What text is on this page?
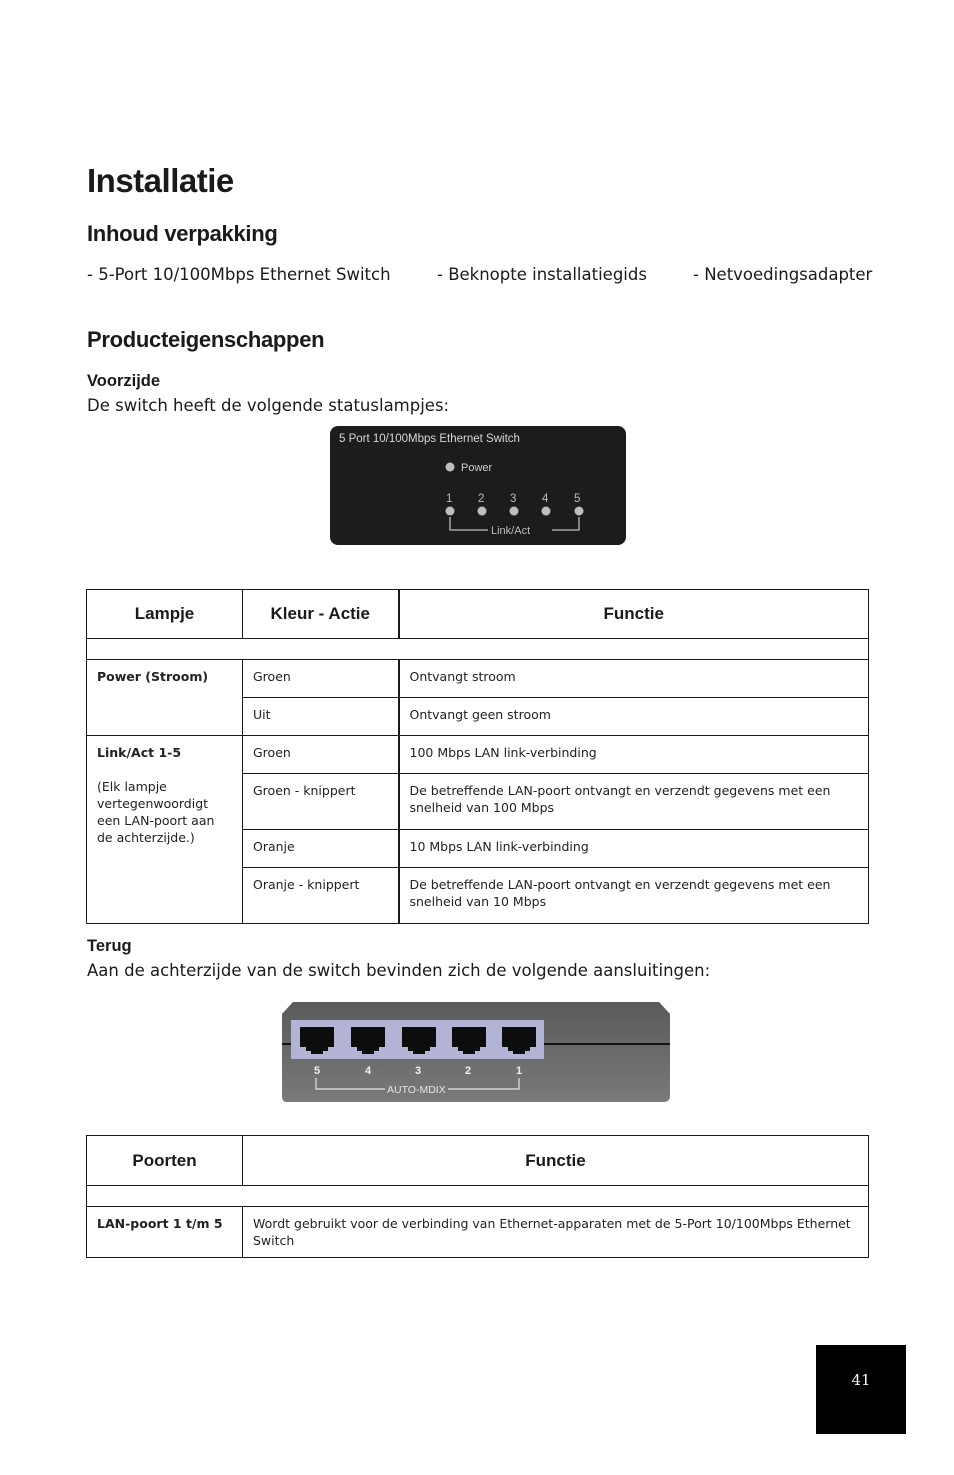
Installatie
Inhoud verpakking
- 5-Port 10/100Mbps Ethernet Switch	- Beknopte installatiegids	- Netvoedingsadapter
Producteigenschappen
Voorzijde
De switch heeft de volgende statuslampjes:
5 Port 10/100Mbps Ethernet Switch
Power
1 2 3 4 5
Link/Act
Lampje	Kleur - Actie	Functie

Power (Stroom)	Groen	Ontvangt stroom
	Uit	Ontvangt geen stroom

Link/Act 1-5
(Elk lampje vertegenwoordigt een LAN-poort aan de achterzijde.)	Groen	100 Mbps LAN link-verbinding
	Groen - knippert	De betreffende LAN-poort ontvangt en verzendt gegevens met een snelheid van 100 Mbps
	Oranje	10 Mbps LAN link-verbinding
	Oranje - knippert	De betreffende LAN-poort ontvangt en verzendt gegevens met een snelheid van 10 Mbps
Terug
Aan de achterzijde van de switch bevinden zich de volgende aansluitingen:
5	4	3	2	1
AUTO-MDIX
Poorten	Functie

LAN-poort 1 t/m 5	Wordt gebruikt voor de verbinding van Ethernet-apparaten met de 5-Port 10/100Mbps Ethernet Switch
41
